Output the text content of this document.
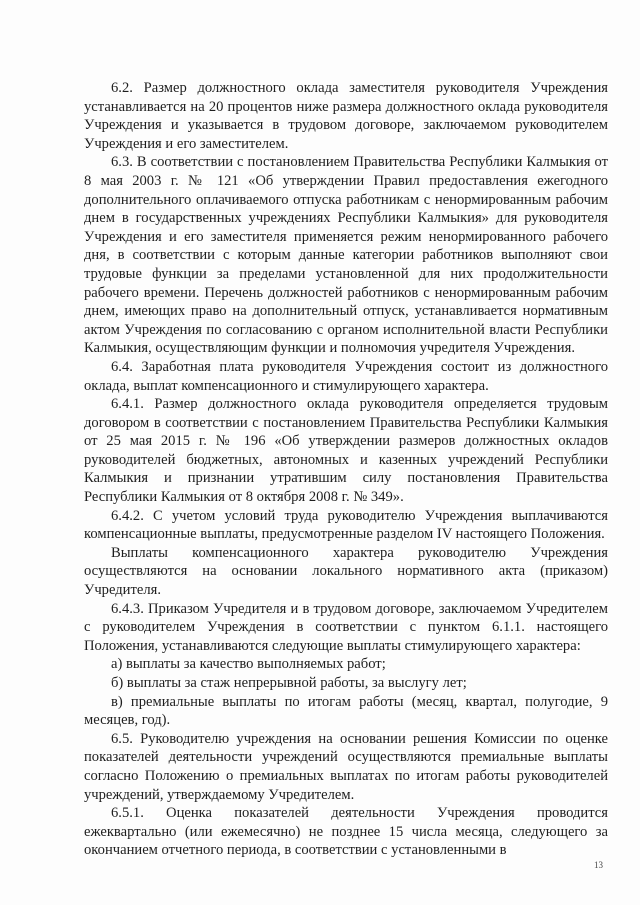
6.2. Размер должностного оклада заместителя руководителя Учреждения устанавливается на 20 процентов ниже размера должностного оклада руководителя Учреждения и указывается в трудовом договоре, заключаемом руководителем Учреждения и его заместителем.

6.3. В соответствии с постановлением Правительства Республики Калмыкия от 8 мая 2003 г. № 121 «Об утверждении Правил предоставления ежегодного дополнительного оплачиваемого отпуска работникам с ненормированным рабочим днем в государственных учреждениях Республики Калмыкия» для руководителя Учреждения и его заместителя применяется режим ненормированного рабочего дня, в соответствии с которым данные категории работников выполняют свои трудовые функции за пределами установленной для них продолжительности рабочего времени. Перечень должностей работников с ненормированным рабочим днем, имеющих право на дополнительный отпуск, устанавливается нормативным актом Учреждения по согласованию с органом исполнительной власти Республики Калмыкия, осуществляющим функции и полномочия учредителя Учреждения.

6.4. Заработная плата руководителя Учреждения состоит из должностного оклада, выплат компенсационного и стимулирующего характера.

6.4.1. Размер должностного оклада руководителя определяется трудовым договором в соответствии с постановлением Правительства Республики Калмыкия от 25 мая 2015 г. № 196 «Об утверждении размеров должностных окладов руководителей бюджетных, автономных и казенных учреждений Республики Калмыкия и признании утратившим силу постановления Правительства Республики Калмыкия от 8 октября 2008 г. № 349».

6.4.2. С учетом условий труда руководителю Учреждения выплачиваются компенсационные выплаты, предусмотренные разделом IV настоящего Положения.

Выплаты компенсационного характера руководителю Учреждения осуществляются на основании локального нормативного акта (приказом) Учредителя.

6.4.3. Приказом Учредителя и в трудовом договоре, заключаемом Учредителем с руководителем Учреждения в соответствии с пунктом 6.1.1. настоящего Положения, устанавливаются следующие выплаты стимулирующего характера:

а) выплаты за качество выполняемых работ;

б) выплаты за стаж непрерывной работы, за выслугу лет;

в) премиальные выплаты по итогам работы (месяц, квартал, полугодие, 9 месяцев, год).

6.5. Руководителю учреждения на основании решения Комиссии по оценке показателей деятельности учреждений осуществляются премиальные выплаты согласно Положению о премиальных выплатах по итогам работы руководителей учреждений, утверждаемому Учредителем.

6.5.1. Оценка показателей деятельности Учреждения проводится ежеквартально (или ежемесячно) не позднее 15 числа месяца, следующего за окончанием отчетного периода, в соответствии с установленными в

13
